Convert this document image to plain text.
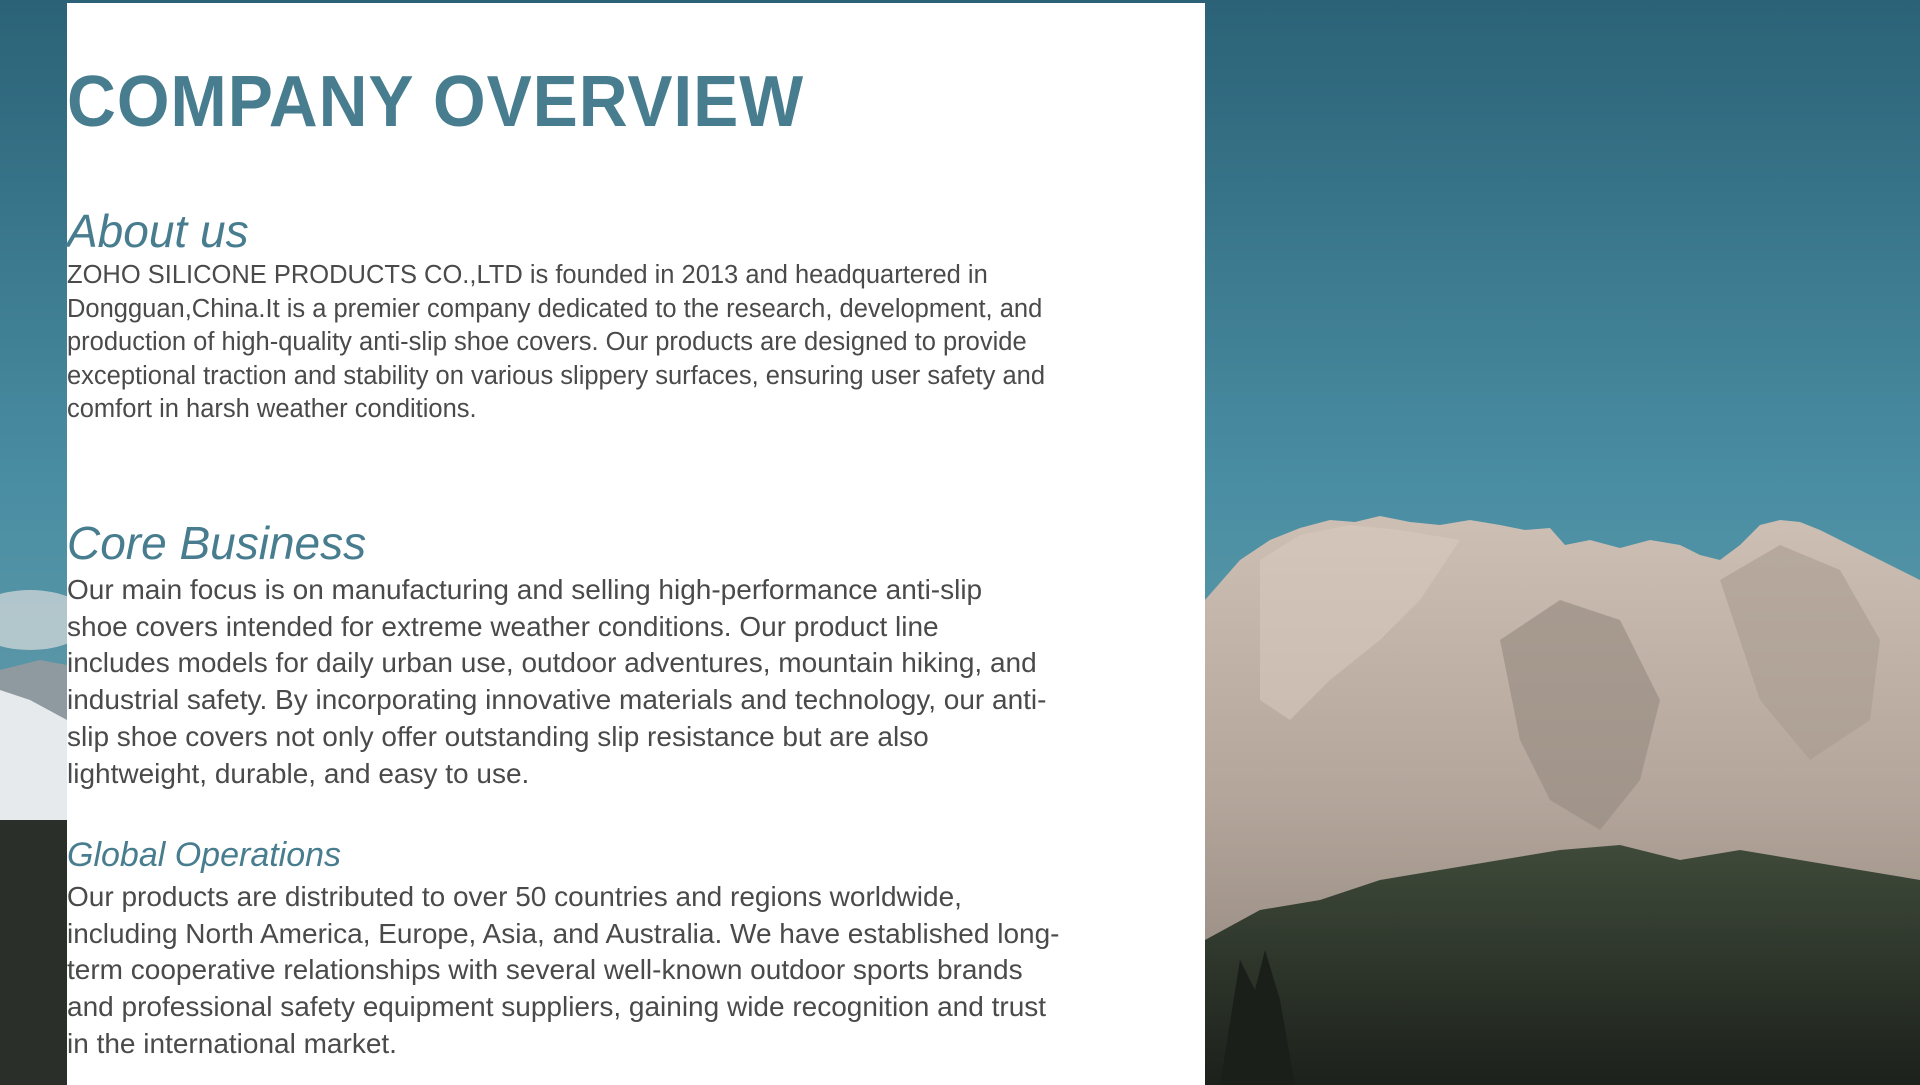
COMPANY OVERVIEW
About us

ZOHO SILICONE PRODUCTS CO.,LTD is founded in 2013 and headquartered in Dongguan,China.It is a premier company dedicated to the research, development, and production of high-quality anti-slip shoe covers. Our products are designed to provide exceptional traction and stability on various slippery surfaces, ensuring user safety and comfort in harsh weather conditions.

Core Business

Our main focus is on manufacturing and selling high-performance anti-slip shoe covers intended for extreme weather conditions. Our product line includes models for daily urban use, outdoor adventures, mountain hiking, and industrial safety. By incorporating innovative materials and technology, our anti-slip shoe covers not only offer outstanding slip resistance but are also lightweight, durable, and easy to use.

Global Operations

Our products are distributed to over 50 countries and regions worldwide, including North America, Europe, Asia, and Australia. We have established long-term cooperative relationships with several well-known outdoor sports brands and professional safety equipment suppliers, gaining wide recognition and trust in the international market.
